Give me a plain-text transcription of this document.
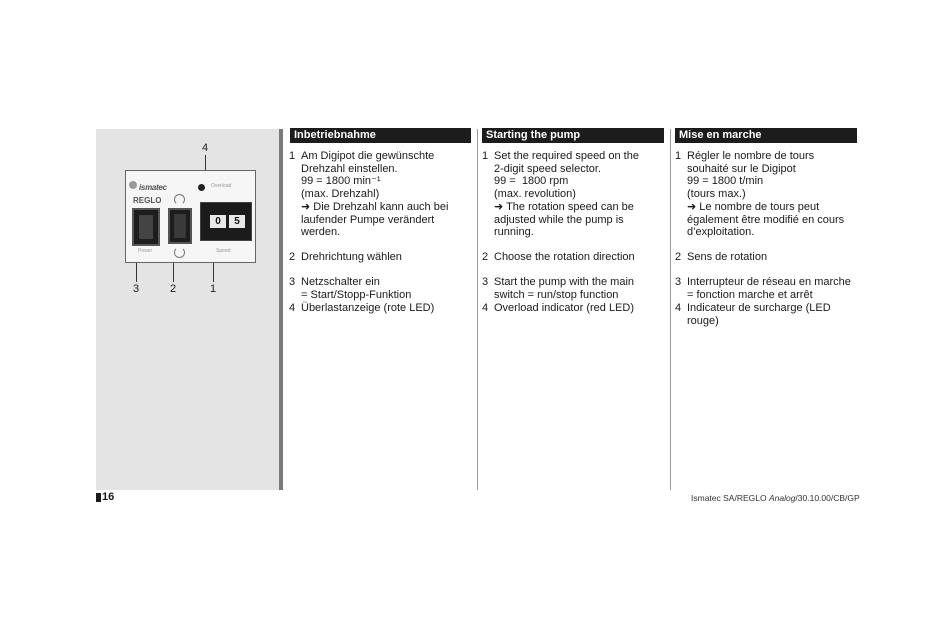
4
3	2	1
ismatec
REGLO
Overload
0	5
Power	Speed
Inbetriebnahme	Starting the pump	Mise en marche
1 Am Digipot die gewünschte
Drehzahl einstellen.
99 = 1800 min⁻¹
(max. Drehzahl)
➜ Die Drehzahl kann auch bei
laufender Pumpe verändert
werden.
2 Drehrichtung wählen
3 Netzschalter ein
= Start/Stopp-Funktion
4 Überlastanzeige (rote LED)
1 Set the required speed on the
2-digit speed selector.
99 =  1800 rpm
(max. revolution)
➜ The rotation speed can be
adjusted while the pump is
running.
2 Choose the rotation direction
3 Start the pump with the main
switch = run/stop function
4 Overload indicator (red LED)
1 Régler le nombre de tours
souhaité sur le Digipot
99 = 1800 t/min
(tours max.)
➜ Le nombre de tours peut
également être modifié en cours
d’exploitation.
2 Sens de rotation
3 Interrupteur de réseau en marche
= fonction marche et arrêt
4 Indicateur de surcharge (LED
rouge)
16	Ismatec SA/REGLO Analog/30.10.00/CB/GP
